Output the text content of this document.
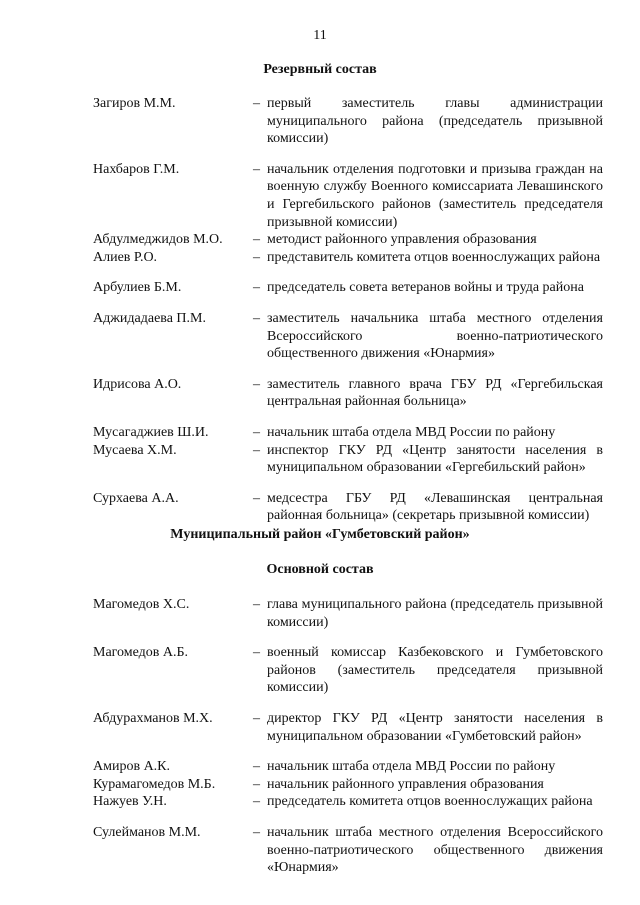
11
Резервный состав
Загиров М.М.	– первый заместитель главы администрации муниципального района (председатель призывной комиссии)
Нахбаров Г.М.	– начальник отделения подготовки и призыва граждан на военную службу Военного комиссариата Левашинского и Гергебильского районов (заместитель председателя призывной комиссии)
Абдулмеджидов М.О.	– методист районного управления образования
Алиев Р.О.	– представитель комитета отцов военнослужащих района
Арбулиев Б.М.	– председатель совета ветеранов войны и труда района
Аджидадаева П.М.	– заместитель начальника штаба местного отделения Всероссийского военно-патриотического общественного движения «Юнармия»
Идрисова А.О.	– заместитель главного врача ГБУ РД «Гергебильская центральная районная больница»
Мусагаджиев Ш.И.	– начальник штаба отдела МВД России по району
Мусаева Х.М.	– инспектор ГКУ РД «Центр занятости населения в муниципальном образовании «Гергебильский район»
Сурхаева А.А.	– медсестра ГБУ РД «Левашинская центральная районная больница» (секретарь призывной комиссии)
Муниципальный район «Гумбетовский район»
Основной состав
Магомедов Х.С.	– глава муниципального района (председатель призывной комиссии)
Магомедов А.Б.	– военный комиссар Казбековского и Гумбетовского районов (заместитель председателя призывной комиссии)
Абдурахманов М.Х.	– директор ГКУ РД «Центр занятости населения в муниципальном образовании «Гумбетовский район»
Амиров А.К.	– начальник штаба отдела МВД России по району
Курамагомедов М.Б.	– начальник районного управления образования
Нажуев У.Н.	– председатель комитета отцов военнослужащих района
Сулейманов М.М.	– начальник штаба местного отделения Всероссийского военно-патриотического общественного движения «Юнармия»
